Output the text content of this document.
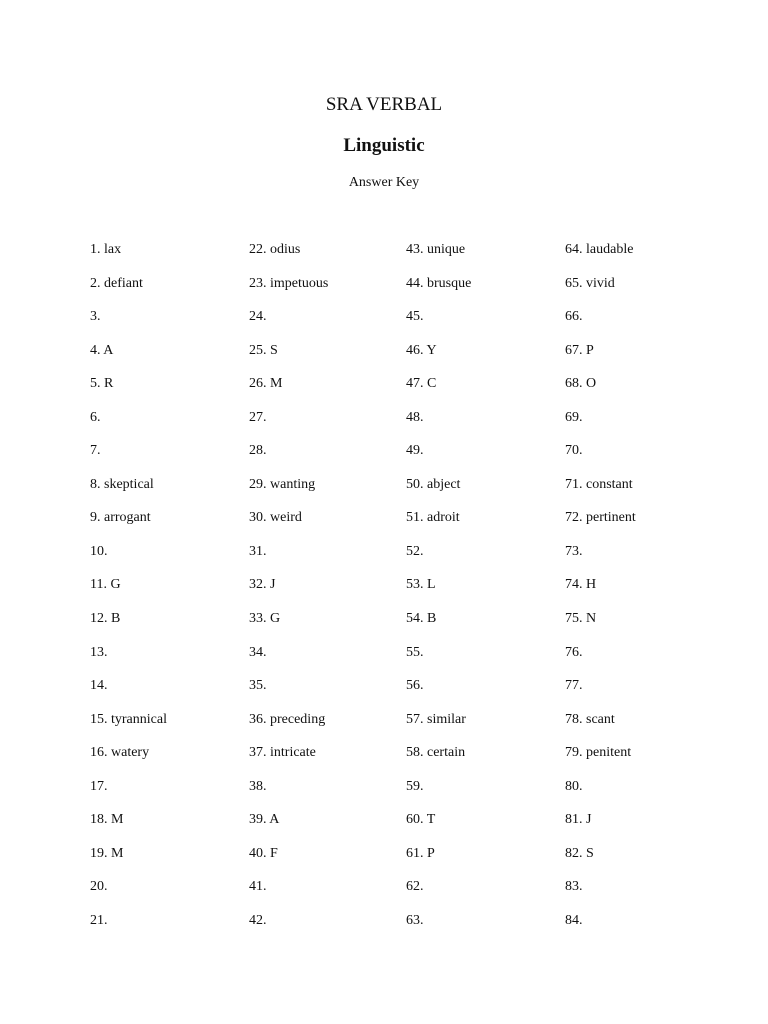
SRA VERBAL
Linguistic
Answer Key
1. lax
2. defiant
3.
4. A
5. R
6.
7.
8. skeptical
9. arrogant
10.
11. G
12. B
13.
14.
15. tyrannical
16. watery
17.
18. M
19. M
20.
21.
22. odius
23. impetuous
24.
25. S
26. M
27.
28.
29. wanting
30. weird
31.
32. J
33. G
34.
35.
36. preceding
37. intricate
38.
39. A
40. F
41.
42.
43. unique
44. brusque
45.
46. Y
47. C
48.
49.
50. abject
51. adroit
52.
53. L
54. B
55.
56.
57. similar
58. certain
59.
60. T
61. P
62.
63.
64. laudable
65. vivid
66.
67. P
68. O
69.
70.
71. constant
72. pertinent
73.
74. H
75. N
76.
77.
78. scant
79. penitent
80.
81. J
82. S
83.
84.
